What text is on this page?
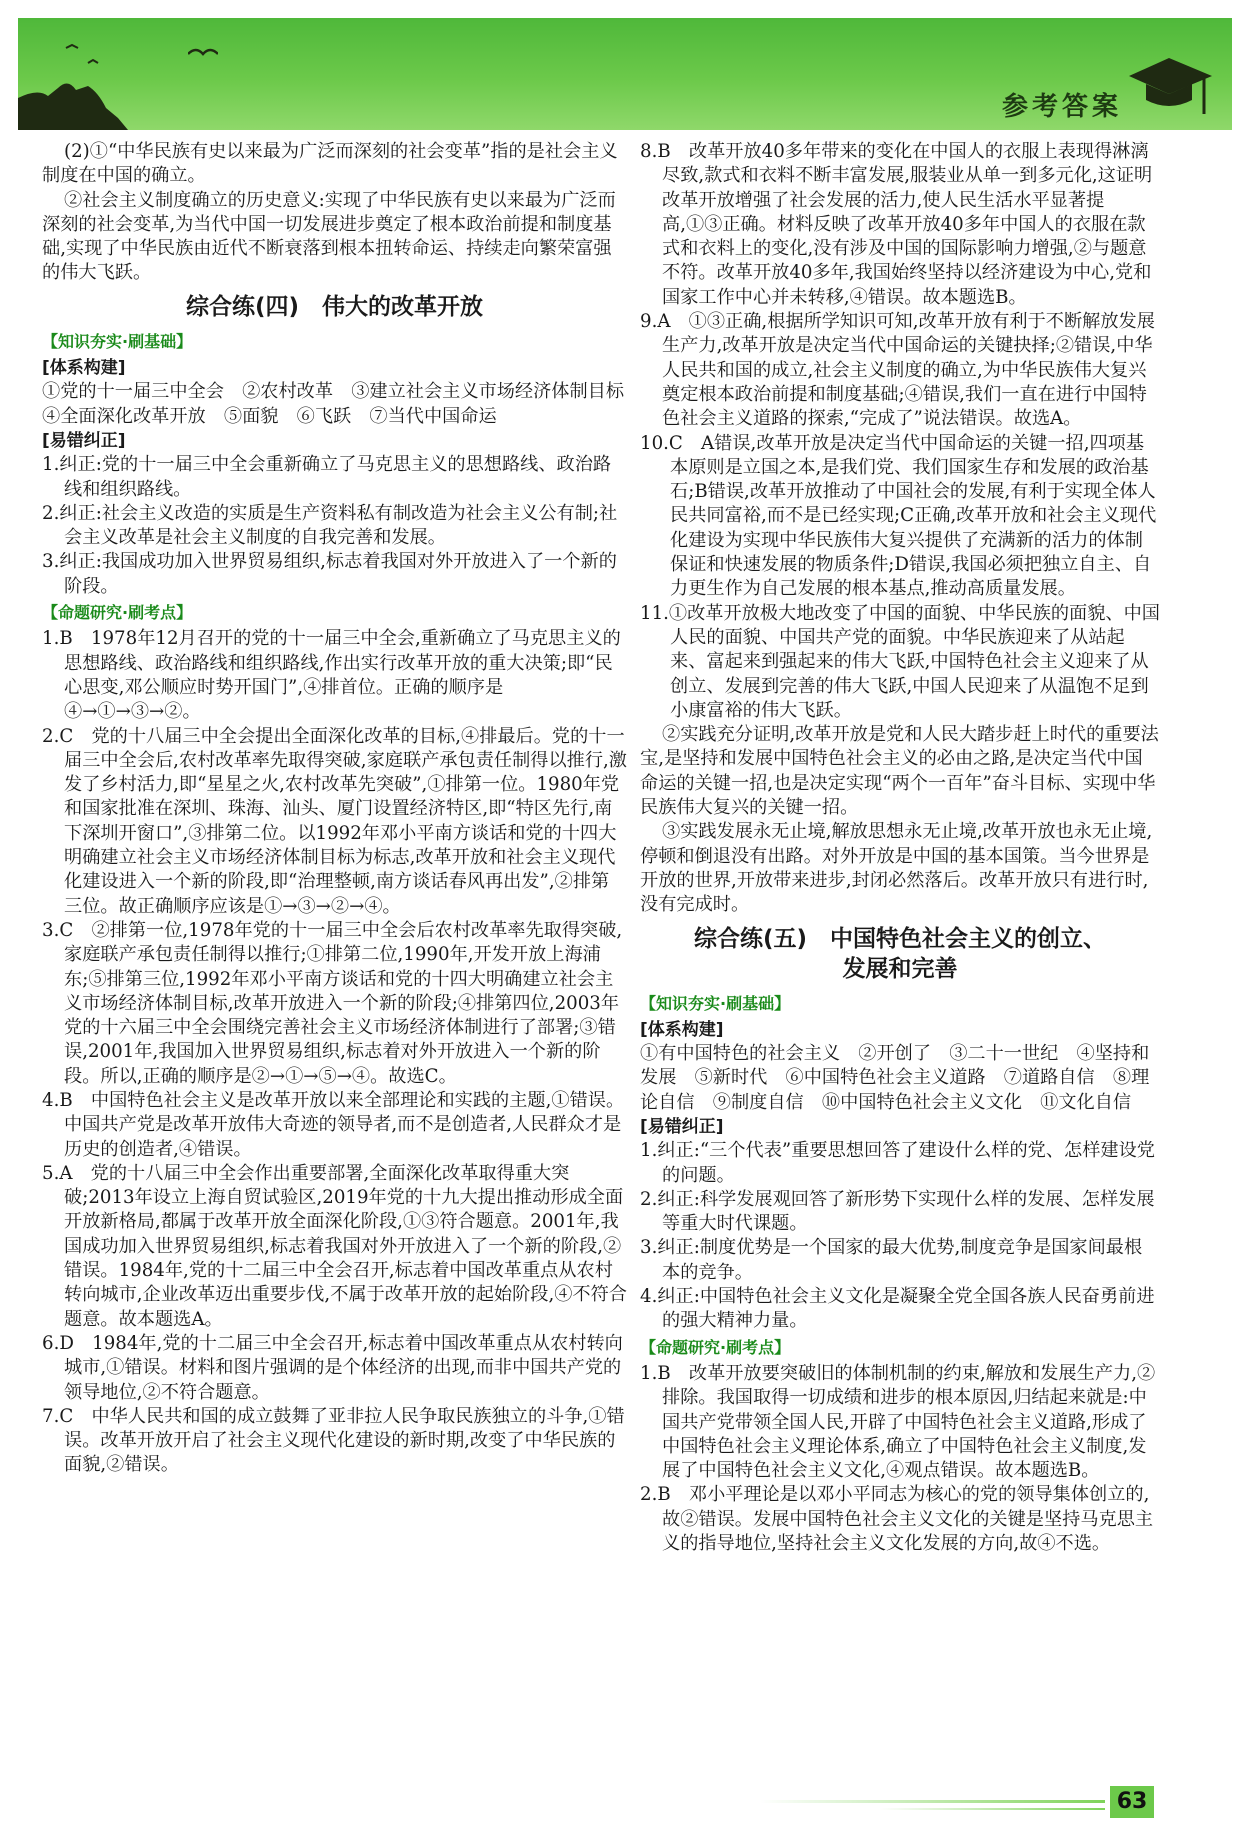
参考答案

(2)①“中华民族有史以来最为广泛而深刻的社会变革”指的是社会主义制度在中国的确立。

②社会主义制度确立的历史意义:实现了中华民族有史以来最为广泛而深刻的社会变革,为当代中国一切发展进步奠定了根本政治前提和制度基础,实现了中华民族由近代不断衰落到根本扭转命运、持续走向繁荣富强的伟大飞跃。

综合练(四)　伟大的改革开放
【知识夯实·刷基础】
[体系构建]

①党的十一届三中全会　②农村改革　③建立社会主义市场经济体制目标　④全面深化改革开放　⑤面貌　⑥飞跃　⑦当代中国命运

[易错纠正]

1.纠正:党的十一届三中全会重新确立了马克思主义的思想路线、政治路线和组织路线。

2.纠正:社会主义改造的实质是生产资料私有制改造为社会主义公有制;社会主义改革是社会主义制度的自我完善和发展。

3.纠正:我国成功加入世界贸易组织,标志着我国对外开放进入了一个新的阶段。

【命题研究·刷考点】

1.B　1978年12月召开的党的十一届三中全会,重新确立了马克思主义的思想路线、政治路线和组织路线,作出实行改革开放的重大决策;即“民心思变,邓公顺应时势开国门”,④排首位。正确的顺序是④→①→③→②。

2.C　党的十八届三中全会提出全面深化改革的目标,④排最后。党的十一届三中全会后,农村改革率先取得突破,家庭联产承包责任制得以推行,激发了乡村活力,即“星星之火,农村改革先突破”,①排第一位。1980年党和国家批准在深圳、珠海、汕头、厦门设置经济特区,即“特区先行,南下深圳开窗口”,③排第二位。以1992年邓小平南方谈话和党的十四大明确建立社会主义市场经济体制目标为标志,改革开放和社会主义现代化建设进入一个新的阶段,即“治理整顿,南方谈话春风再出发”,②排第三位。故正确顺序应该是①→③→②→④。

3.C　②排第一位,1978年党的十一届三中全会后农村改革率先取得突破,家庭联产承包责任制得以推行;①排第二位,1990年,开发开放上海浦东;⑤排第三位,1992年邓小平南方谈话和党的十四大明确建立社会主义市场经济体制目标,改革开放进入一个新的阶段;④排第四位,2003年党的十六届三中全会围绕完善社会主义市场经济体制进行了部署;③错误,2001年,我国加入世界贸易组织,标志着对外开放进入一个新的阶段。所以,正确的顺序是②→①→⑤→④。故选C。

4.B　中国特色社会主义是改革开放以来全部理论和实践的主题,①错误。中国共产党是改革开放伟大奇迹的领导者,而不是创造者,人民群众才是历史的创造者,④错误。

5.A　党的十八届三中全会作出重要部署,全面深化改革取得重大突破;2013年设立上海自贸试验区,2019年党的十九大提出推动形成全面开放新格局,都属于改革开放全面深化阶段,①③符合题意。2001年,我国成功加入世界贸易组织,标志着我国对外开放进入了一个新的阶段,②错误。1984年,党的十二届三中全会召开,标志着中国改革重点从农村转向城市,企业改革迈出重要步伐,不属于改革开放的起始阶段,④不符合题意。故本题选A。

6.D　1984年,党的十二届三中全会召开,标志着中国改革重点从农村转向城市,①错误。材料和图片强调的是个体经济的出现,而非中国共产党的领导地位,②不符合题意。

7.C　中华人民共和国的成立鼓舞了亚非拉人民争取民族独立的斗争,①错误。改革开放开启了社会主义现代化建设的新时期,改变了中华民族的面貌,②错误。

8.B　改革开放40多年带来的变化在中国人的衣服上表现得淋漓尽致,款式和衣料不断丰富发展,服装业从单一到多元化,这证明改革开放增强了社会发展的活力,使人民生活水平显著提高,①③正确。材料反映了改革开放40多年中国人的衣服在款式和衣料上的变化,没有涉及中国的国际影响力增强,②与题意不符。改革开放40多年,我国始终坚持以经济建设为中心,党和国家工作中心并未转移,④错误。故本题选B。

9.A　①③正确,根据所学知识可知,改革开放有利于不断解放发展生产力,改革开放是决定当代中国命运的关键抉择;②错误,中华人民共和国的成立,社会主义制度的确立,为中华民族伟大复兴奠定根本政治前提和制度基础;④错误,我们一直在进行中国特色社会主义道路的探索,“完成了”说法错误。故选A。

10.C　A错误,改革开放是决定当代中国命运的关键一招,四项基本原则是立国之本,是我们党、我们国家生存和发展的政治基石;B错误,改革开放推动了中国社会的发展,有利于实现全体人民共同富裕,而不是已经实现;C正确,改革开放和社会主义现代化建设为实现中华民族伟大复兴提供了充满新的活力的体制保证和快速发展的物质条件;D错误,我国必须把独立自主、自力更生作为自己发展的根本基点,推动高质量发展。

11.①改革开放极大地改变了中国的面貌、中华民族的面貌、中国人民的面貌、中国共产党的面貌。中华民族迎来了从站起来、富起来到强起来的伟大飞跃,中国特色社会主义迎来了从创立、发展到完善的伟大飞跃,中国人民迎来了从温饱不足到小康富裕的伟大飞跃。

②实践充分证明,改革开放是党和人民大踏步赶上时代的重要法宝,是坚持和发展中国特色社会主义的必由之路,是决定当代中国命运的关键一招,也是决定实现“两个一百年”奋斗目标、实现中华民族伟大复兴的关键一招。

③实践发展永无止境,解放思想永无止境,改革开放也永无止境,停顿和倒退没有出路。对外开放是中国的基本国策。当今世界是开放的世界,开放带来进步,封闭必然落后。改革开放只有进行时,没有完成时。

综合练(五)　中国特色社会主义的创立、
发展和完善
【知识夯实·刷基础】
[体系构建]

①有中国特色的社会主义　②开创了　③二十一世纪　④坚持和发展　⑤新时代　⑥中国特色社会主义道路　⑦道路自信　⑧理论自信　⑨制度自信　⑩中国特色社会主义文化　⑪文化自信

[易错纠正]

1.纠正:“三个代表”重要思想回答了建设什么样的党、怎样建设党的问题。

2.纠正:科学发展观回答了新形势下实现什么样的发展、怎样发展等重大时代课题。

3.纠正:制度优势是一个国家的最大优势,制度竞争是国家间最根本的竞争。

4.纠正:中国特色社会主义文化是凝聚全党全国各族人民奋勇前进的强大精神力量。

【命题研究·刷考点】

1.B　改革开放要突破旧的体制机制的约束,解放和发展生产力,②排除。我国取得一切成绩和进步的根本原因,归结起来就是:中国共产党带领全国人民,开辟了中国特色社会主义道路,形成了中国特色社会主义理论体系,确立了中国特色社会主义制度,发展了中国特色社会主义文化,④观点错误。故本题选B。

2.B　邓小平理论是以邓小平同志为核心的党的领导集体创立的,故②错误。发展中国特色社会主义文化的关键是坚持马克思主义的指导地位,坚持社会主义文化发展的方向,故④不选。

63
